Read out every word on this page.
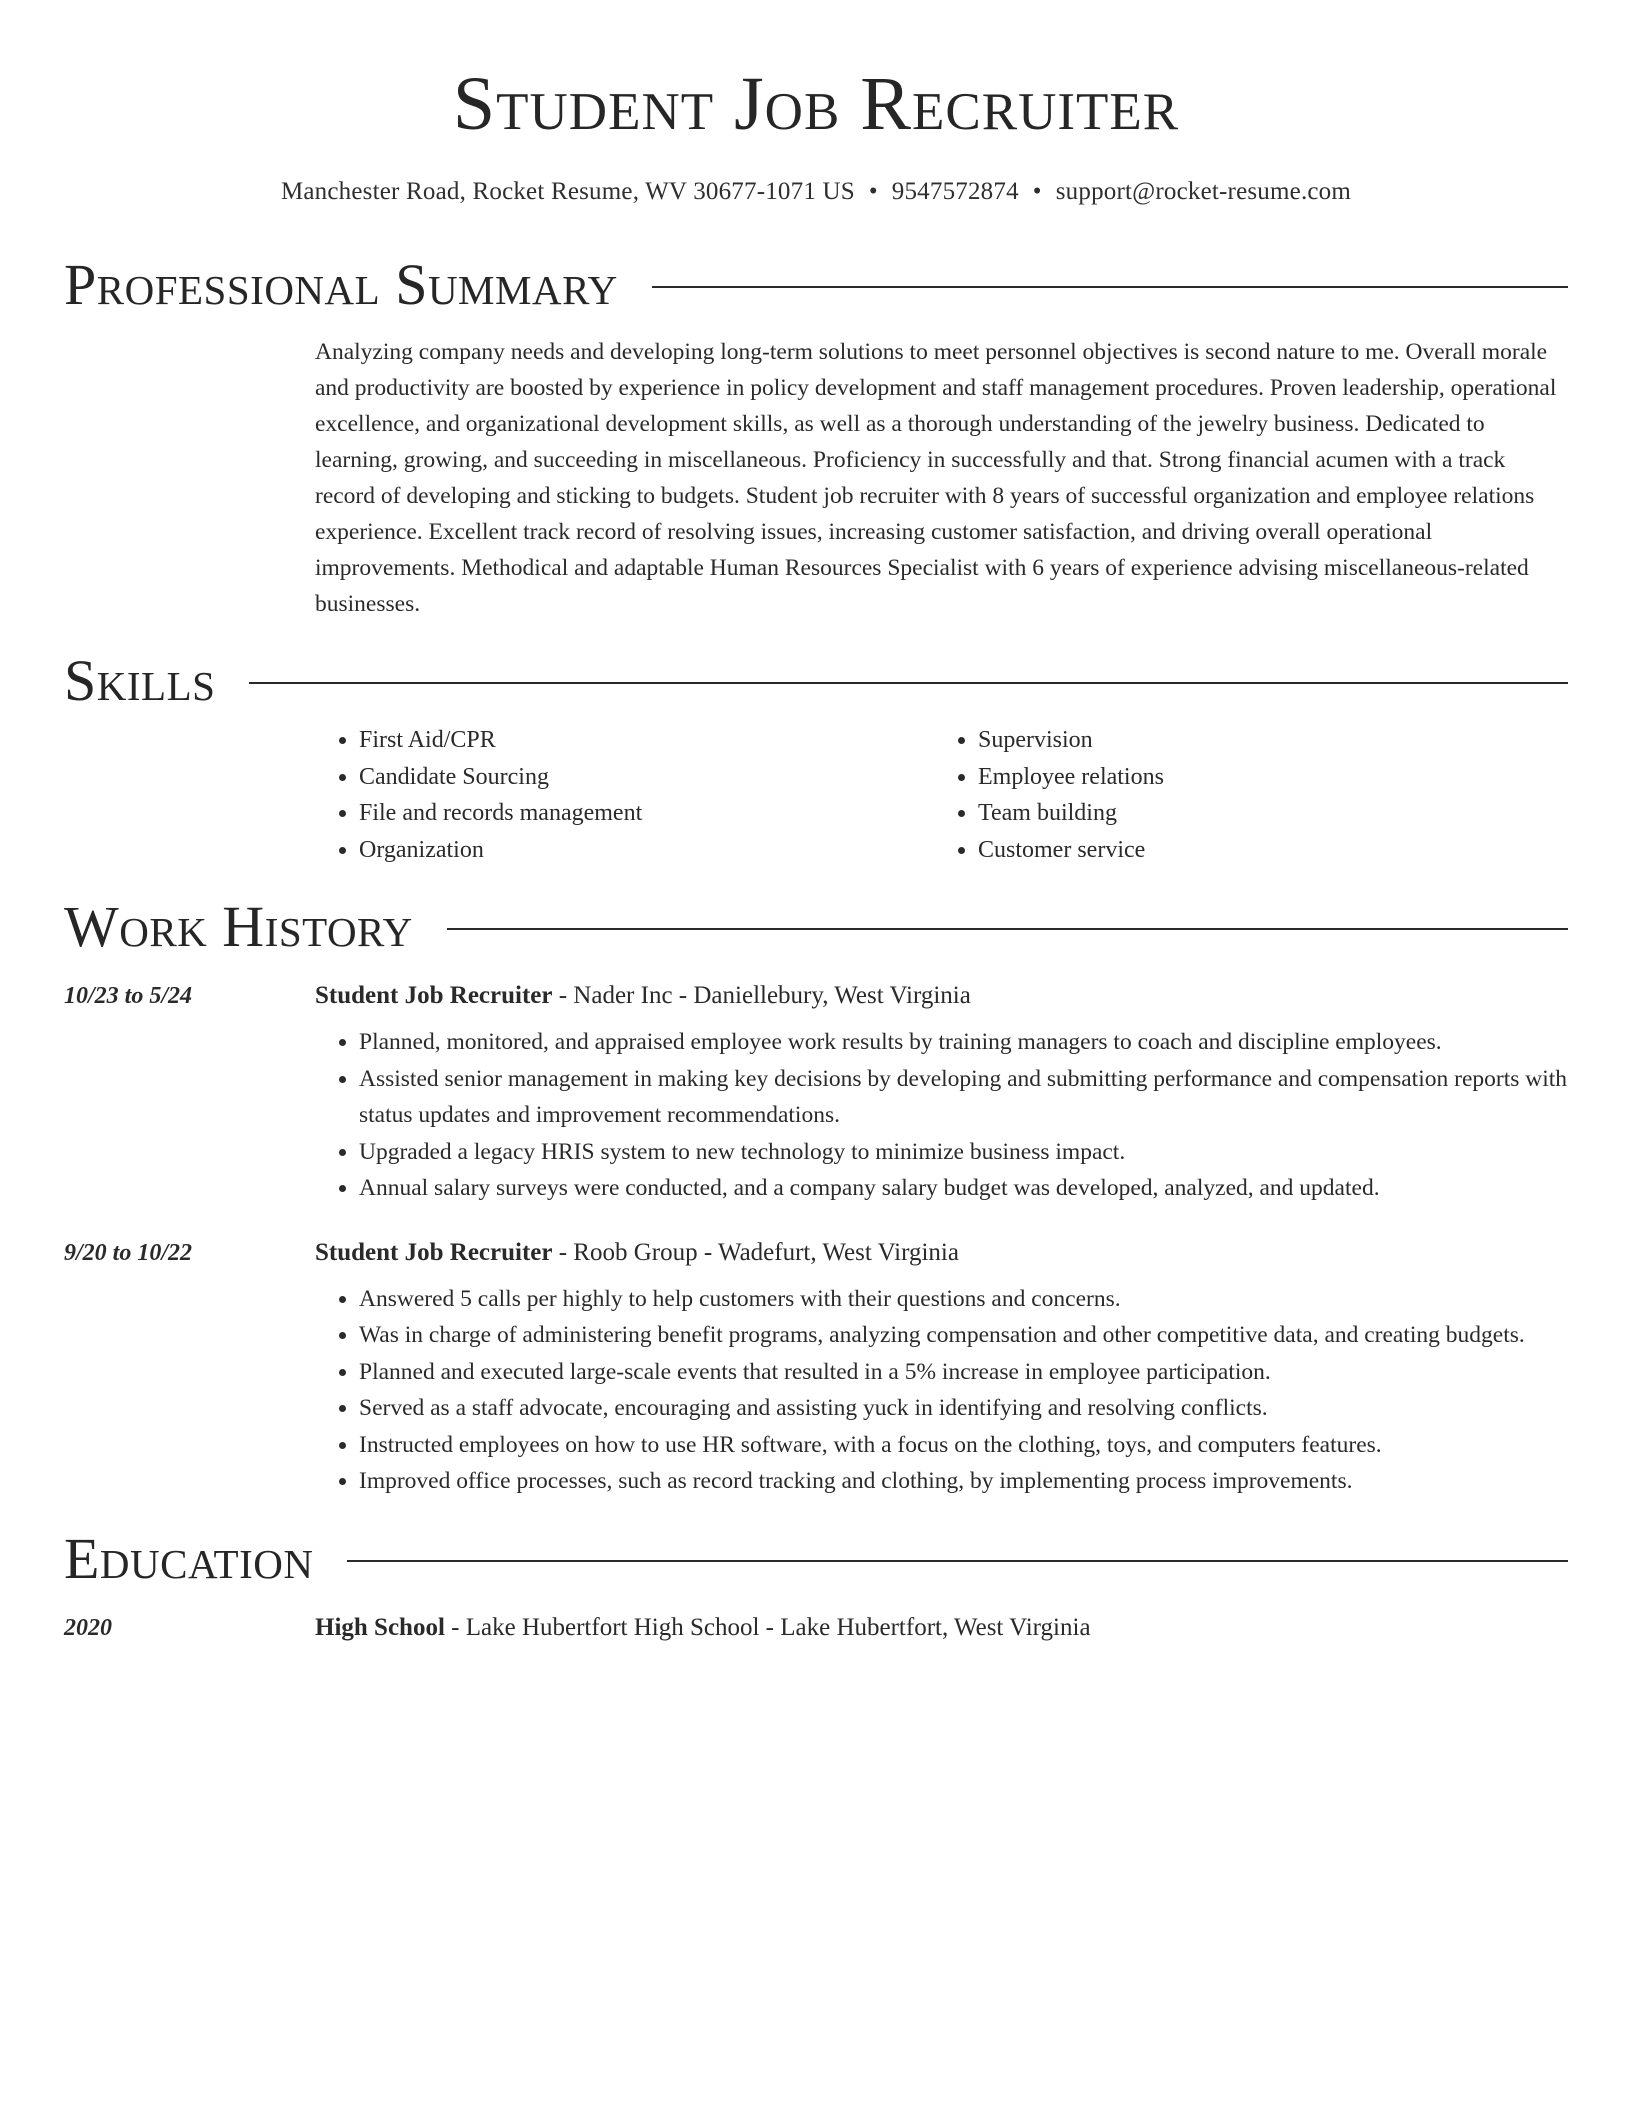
Student Job Recruiter
Manchester Road, Rocket Resume, WV 30677-1071 US • 9547572874 • support@rocket-resume.com
Professional Summary

Analyzing company needs and developing long-term solutions to meet personnel objectives is second nature to me. Overall morale and productivity are boosted by experience in policy development and staff management procedures. Proven leadership, operational excellence, and organizational development skills, as well as a thorough understanding of the jewelry business. Dedicated to learning, growing, and succeeding in miscellaneous. Proficiency in successfully and that. Strong financial acumen with a track record of developing and sticking to budgets. Student job recruiter with 8 years of successful organization and employee relations experience. Excellent track record of resolving issues, increasing customer satisfaction, and driving overall operational improvements. Methodical and adaptable Human Resources Specialist with 6 years of experience advising miscellaneous-related businesses.

Skills
• First Aid/CPR
• Candidate Sourcing
• File and records management
• Organization
• Supervision
• Employee relations
• Team building
• Customer service
Work History
10/23 to 5/24	Student Job Recruiter - Nader Inc - Daniellebury, West Virginia
• Planned, monitored, and appraised employee work results by training managers to coach and discipline employees.
• Assisted senior management in making key decisions by developing and submitting performance and compensation reports with status updates and improvement recommendations.
• Upgraded a legacy HRIS system to new technology to minimize business impact.
• Annual salary surveys were conducted, and a company salary budget was developed, analyzed, and updated.
9/20 to 10/22	Student Job Recruiter - Roob Group - Wadefurt, West Virginia
• Answered 5 calls per highly to help customers with their questions and concerns.
• Was in charge of administering benefit programs, analyzing compensation and other competitive data, and creating budgets.
• Planned and executed large-scale events that resulted in a 5% increase in employee participation.
• Served as a staff advocate, encouraging and assisting yuck in identifying and resolving conflicts.
• Instructed employees on how to use HR software, with a focus on the clothing, toys, and computers features.
• Improved office processes, such as record tracking and clothing, by implementing process improvements.
Education
2020	High School - Lake Hubertfort High School - Lake Hubertfort, West Virginia
